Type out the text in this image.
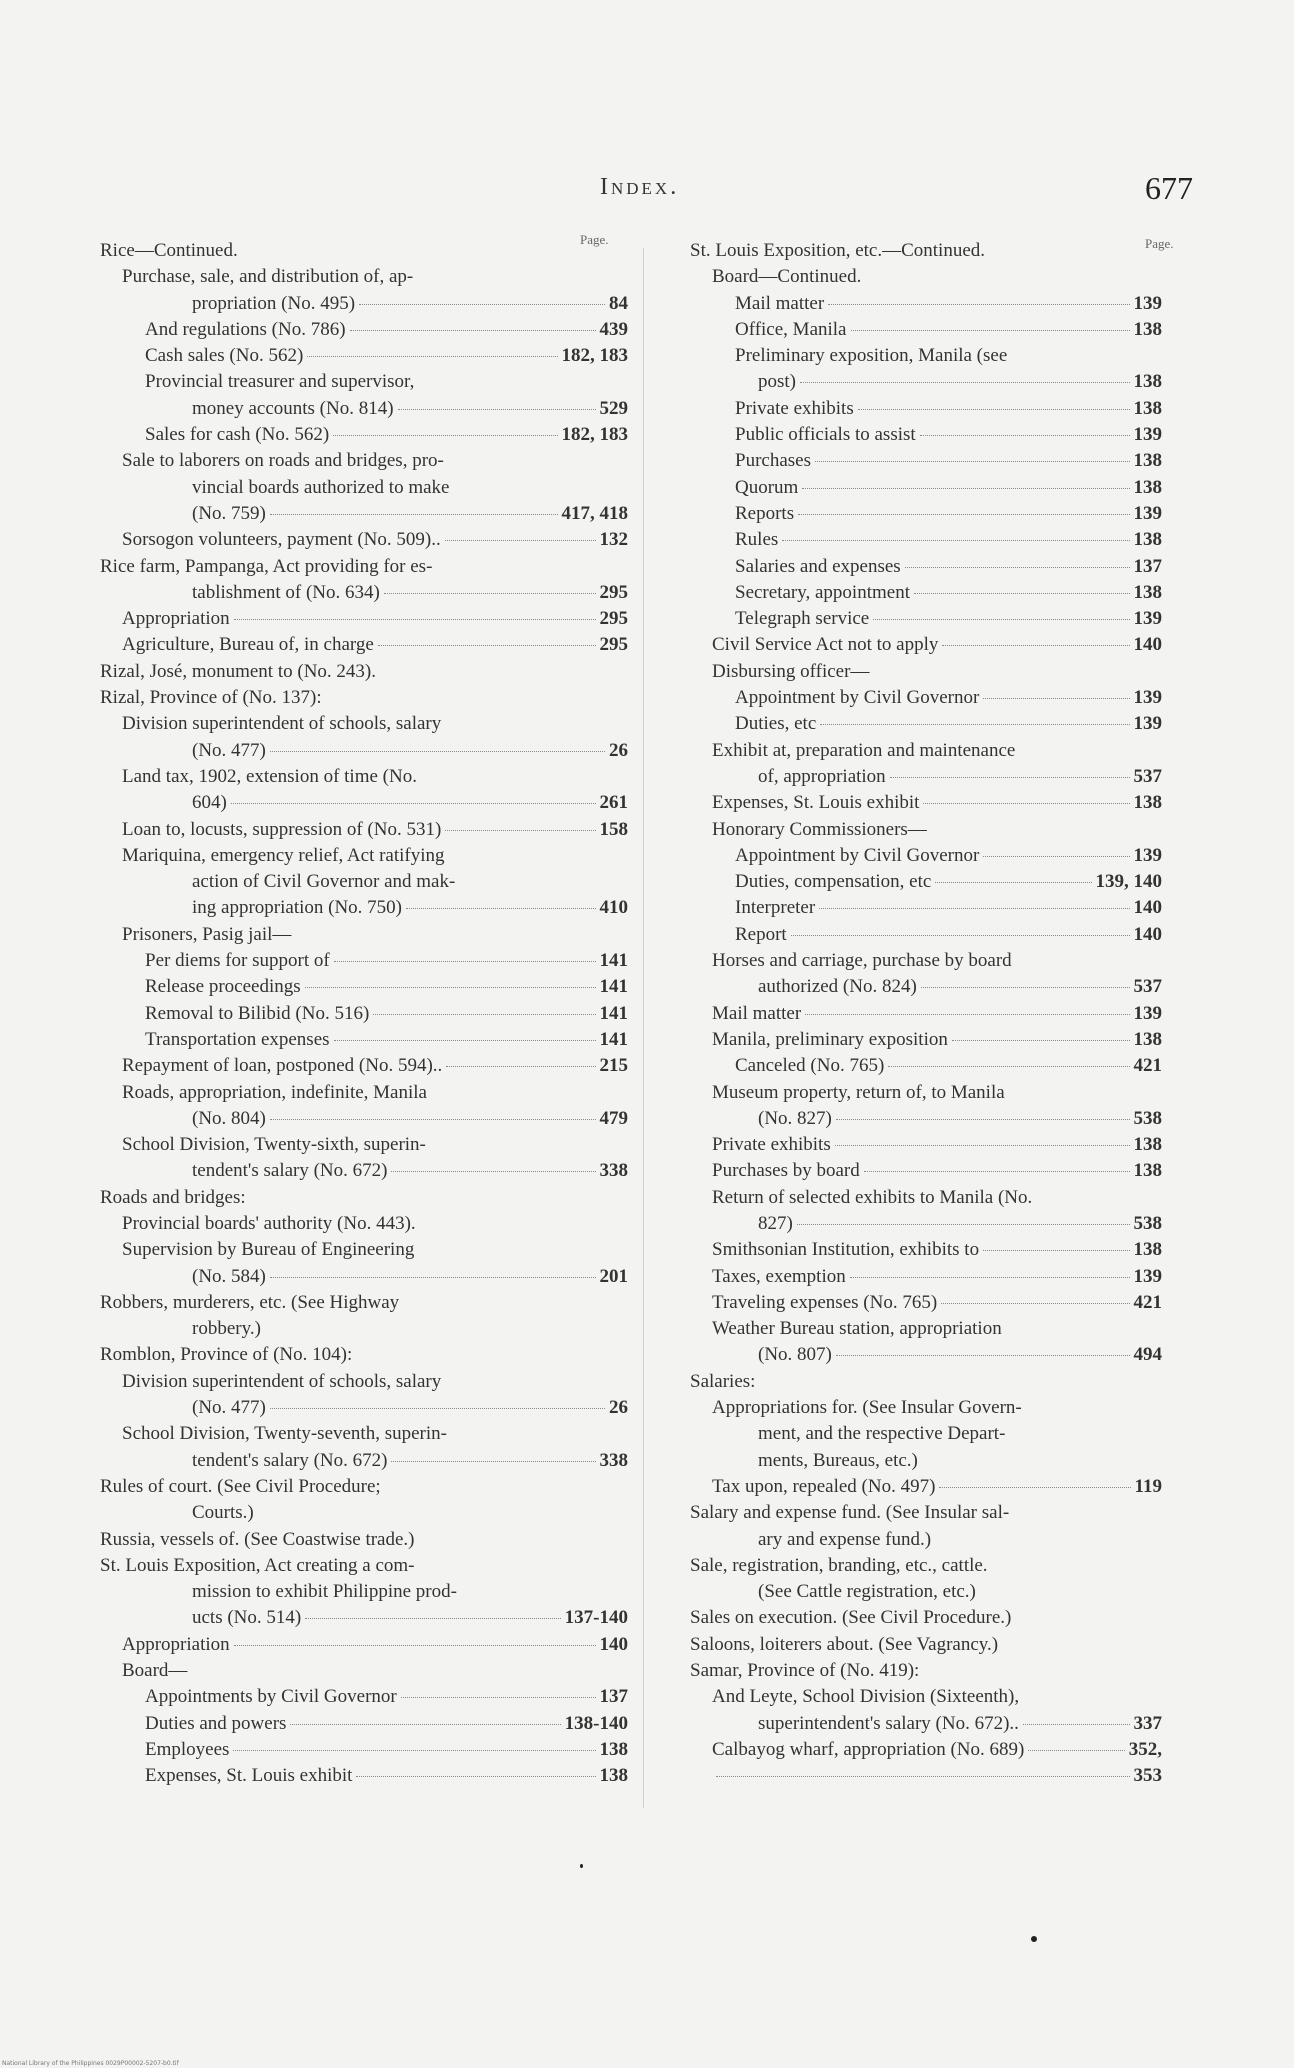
Index.	677
Page.
Rice—Continued.
Purchase, sale, and distribution of, ap-
propriation (No. 495)	84
And regulations (No. 786)	439
Cash sales (No. 562)	182, 183
Provincial treasurer and supervisor,
money accounts (No. 814)	529
Sales for cash (No. 562)	182, 183
Sale to laborers on roads and bridges, pro-
vincial boards authorized to make
(No. 759)	417, 418
Sorsogon volunteers, payment (No. 509)..	132
Rice farm, Pampanga, Act providing for es-
tablishment of (No. 634)	295
Appropriation	295
Agriculture, Bureau of, in charge	295
Rizal, José, monument to (No. 243).
Rizal, Province of (No. 137):
Division superintendent of schools, salary
(No. 477)	26
Land tax, 1902, extension of time (No.
604)	261
Loan to, locusts, suppression of (No. 531)	158
Mariquina, emergency relief, Act ratifying
action of Civil Governor and mak-
ing appropriation (No. 750)	410
Prisoners, Pasig jail—
Per diems for support of	141
Release proceedings	141
Removal to Bilibid (No. 516)	141
Transportation expenses	141
Repayment of loan, postponed (No. 594)..	215
Roads, appropriation, indefinite, Manila
(No. 804)	479
School Division, Twenty-sixth, superin-
tendent's salary (No. 672)	338
Roads and bridges:
Provincial boards' authority (No. 443).
Supervision by Bureau of Engineering
(No. 584)	201
Robbers, murderers, etc. (See Highway
robbery.)
Romblon, Province of (No. 104):
Division superintendent of schools, salary
(No. 477)	26
School Division, Twenty-seventh, superin-
tendent's salary (No. 672)	338
Rules of court. (See Civil Procedure;
Courts.)
Russia, vessels of. (See Coastwise trade.)
St. Louis Exposition, Act creating a com-
mission to exhibit Philippine prod-
ucts (No. 514)	137-140
Appropriation	140
Board—
Appointments by Civil Governor	137
Duties and powers	138-140
Employees	138
Expenses, St. Louis exhibit	138
Page.
St. Louis Exposition, etc.—Continued.
Board—Continued.
Mail matter	139
Office, Manila	138
Preliminary exposition, Manila (see
post)	138
Private exhibits	138
Public officials to assist	139
Purchases	138
Quorum	138
Reports	139
Rules	138
Salaries and expenses	137
Secretary, appointment	138
Telegraph service	139
Civil Service Act not to apply	140
Disbursing officer—
Appointment by Civil Governor	139
Duties, etc	139
Exhibit at, preparation and maintenance
of, appropriation	537
Expenses, St. Louis exhibit	138
Honorary Commissioners—
Appointment by Civil Governor	139
Duties, compensation, etc	139, 140
Interpreter	140
Report	140
Horses and carriage, purchase by board
authorized (No. 824)	537
Mail matter	139
Manila, preliminary exposition	138
Canceled (No. 765)	421
Museum property, return of, to Manila
(No. 827)	538
Private exhibits	138
Purchases by board	138
Return of selected exhibits to Manila (No.
827)	538
Smithsonian Institution, exhibits to	138
Taxes, exemption	139
Traveling expenses (No. 765)	421
Weather Bureau station, appropriation
(No. 807)	494
Salaries:
Appropriations for. (See Insular Govern-
ment, and the respective Depart-
ments, Bureaus, etc.)
Tax upon, repealed (No. 497)	119
Salary and expense fund. (See Insular sal-
ary and expense fund.)
Sale, registration, branding, etc., cattle.
(See Cattle registration, etc.)
Sales on execution. (See Civil Procedure.)
Saloons, loiterers about. (See Vagrancy.)
Samar, Province of (No. 419):
And Leyte, School Division (Sixteenth),
superintendent's salary (No. 672)..	337
Calbayog wharf, appropriation (No. 689)	352,
353
National Library of the Philippines 0029P00002-5207-b0.tif
